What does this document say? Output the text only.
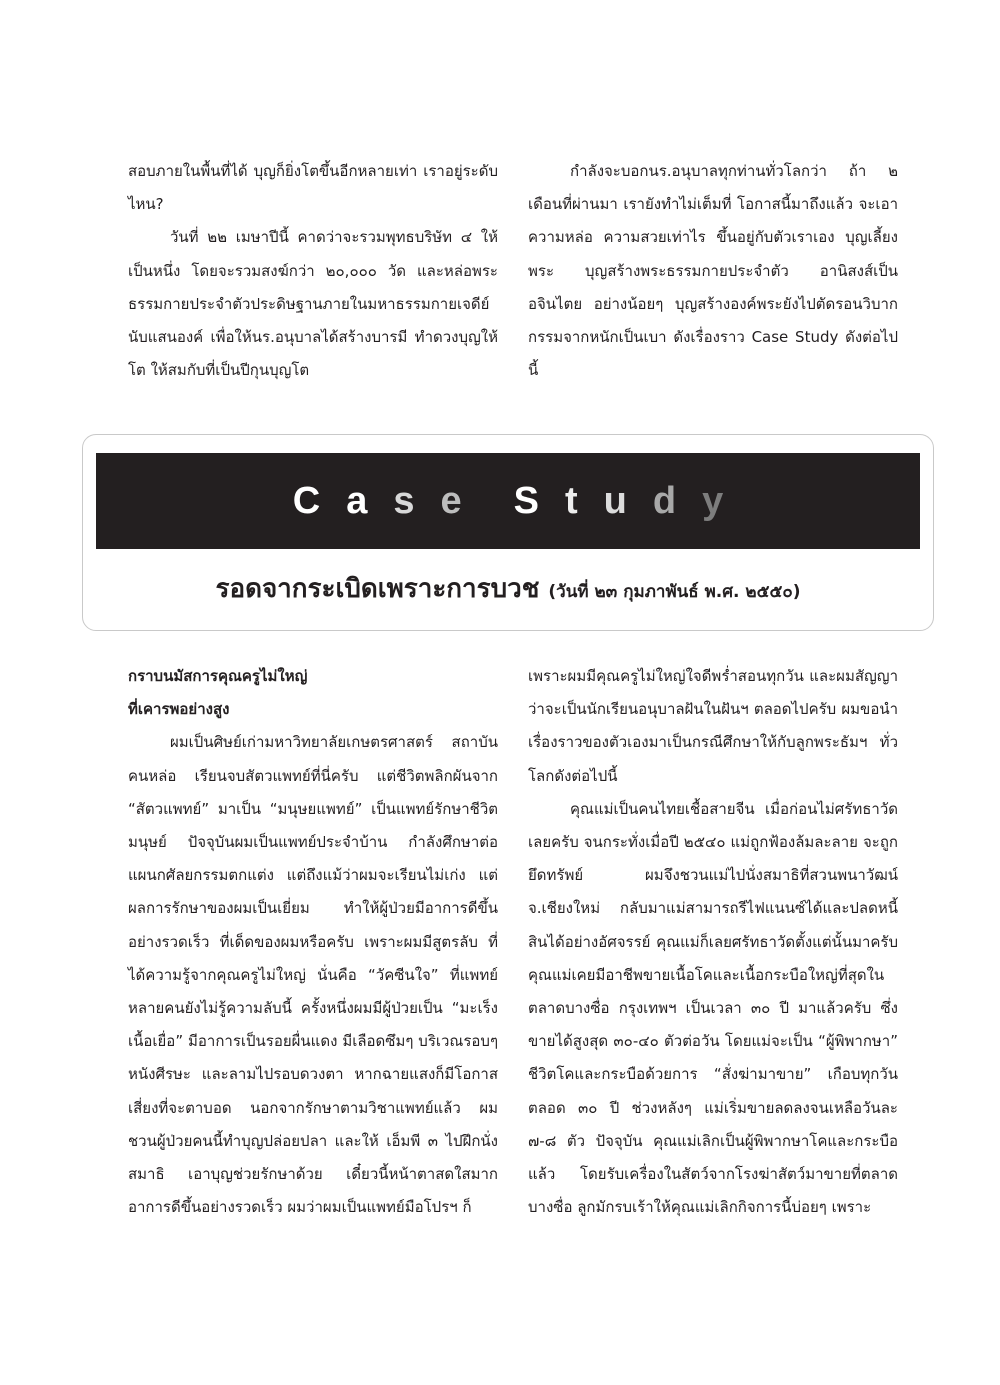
สอบภายในพื้นที่ได้ บุญก็ยิ่งโตขึ้นอีกหลายเท่า เราอยู่ระดับไหน?

วันที่ ๒๒ เมษาปีนี้ คาดว่าจะรวมพุทธบริษัท ๔ ให้เป็นหนึ่ง โดยจะรวมสงฆ์กว่า ๒๐,๐๐๐ วัด และหล่อพระธรรมกายประจำตัวประดิษฐานภายในมหาธรรมกายเจดีย์นับแสนองค์ เพื่อให้นร.อนุบาลได้สร้างบารมี ทำดวงบุญให้โต ให้สมกับที่เป็นปีกุนบุญโต

กำลังจะบอกนร.อนุบาลทุกท่านทั่วโลกว่า ถ้า ๒ เดือนที่ผ่านมา เรายังทำไม่เต็มที่ โอกาสนี้มาถึงแล้ว จะเอาความหล่อ ความสวยเท่าไร ขึ้นอยู่กับตัวเราเอง บุญเลี้ยงพระ บุญสร้างพระธรรมกายประจำตัว อานิสงส์เป็นอจินไตย อย่างน้อยๆ บุญสร้างองค์พระยังไปตัดรอนวิบากกรรมจากหนักเป็นเบา ดังเรื่องราว Case Study ดังต่อไปนี้

C a s e S t u d y
รอดจากระเบิดเพราะการบวช (วันที่ ๒๓ กุมภาพันธ์ พ.ศ. ๒๕๕๐)
กราบนมัสการคุณครูไม่ใหญ่
ที่เคารพอย่างสูง

ผมเป็นศิษย์เก่ามหาวิทยาลัยเกษตรศาสตร์ สถาบันคนหล่อ เรียนจบสัตวแพทย์ที่นี่ครับ แต่ชีวิตพลิกผันจาก “สัตวแพทย์” มาเป็น “มนุษยแพทย์” เป็นแพทย์รักษาชีวิตมนุษย์ ปัจจุบันผมเป็นแพทย์ประจำบ้าน กำลังศึกษาต่อแผนกศัลยกรรมตกแต่ง แต่ถึงแม้ว่าผมจะเรียนไม่เก่ง แต่ผลการรักษาของผมเป็นเยี่ยม ทำให้ผู้ป่วยมีอาการดีขึ้นอย่างรวดเร็ว ที่เด็ดของผมหรือครับ เพราะผมมีสูตรลับ ที่ได้ความรู้จากคุณครูไม่ใหญ่ นั่นคือ “วัคซีนใจ” ที่แพทย์หลายคนยังไม่รู้ความลับนี้ ครั้งหนึ่งผมมีผู้ป่วยเป็น “มะเร็งเนื้อเยื่อ” มีอาการเป็นรอยผื่นแดง มีเลือดซึมๆ บริเวณรอบๆ หนังศีรษะ และลามไปรอบดวงตา หากฉายแสงก็มีโอกาสเสี่ยงที่จะตาบอด นอกจากรักษาตามวิชาแพทย์แล้ว ผมชวนผู้ป่วยคนนี้ทำบุญปล่อยปลา และให้ เอ็มพี ๓ ไปฝึกนั่งสมาธิ เอาบุญช่วยรักษาด้วย เดี๋ยวนี้หน้าตาสดใสมาก อาการดีขึ้นอย่างรวดเร็ว ผมว่าผมเป็นแพทย์มือโปรฯ ก็

เพราะผมมีคุณครูไม่ใหญ่ใจดีพร่ำสอนทุกวัน และผมสัญญาว่าจะเป็นนักเรียนอนุบาลฝันในฝันฯ ตลอดไปครับ ผมขอนำเรื่องราวของตัวเองมาเป็นกรณีศึกษาให้กับลูกพระธัมฯ ทั่วโลกดังต่อไปนี้

คุณแม่เป็นคนไทยเชื้อสายจีน เมื่อก่อนไม่ศรัทธาวัดเลยครับ จนกระทั่งเมื่อปี ๒๕๔๐ แม่ถูกฟ้องล้มละลาย จะถูกยึดทรัพย์ ผมจึงชวนแม่ไปนั่งสมาธิที่สวนพนาวัฒน์ จ.เชียงใหม่ กลับมาแม่สามารถรีไฟแนนซ์ได้และปลดหนี้สินได้อย่างอัศจรรย์ คุณแม่ก็เลยศรัทธาวัดตั้งแต่นั้นมาครับ คุณแม่เคยมีอาชีพขายเนื้อโคและเนื้อกระบือใหญ่ที่สุดในตลาดบางซื่อ กรุงเทพฯ เป็นเวลา ๓๐ ปี มาแล้วครับ ซึ่งขายได้สูงสุด ๓๐-๔๐ ตัวต่อวัน โดยแม่จะเป็น “ผู้พิพากษา” ชีวิตโคและกระบือด้วยการ “สั่งฆ่ามาขาย” เกือบทุกวันตลอด ๓๐ ปี ช่วงหลังๆ แม่เริ่มขายลดลงจนเหลือวันละ ๗-๘ ตัว ปัจจุบัน คุณแม่เลิกเป็นผู้พิพากษาโคและกระบือแล้ว โดยรับเครื่องในสัตว์จากโรงฆ่าสัตว์มาขายที่ตลาดบางซื่อ ลูกมักรบเร้าให้คุณแม่เลิกกิจการนี้บ่อยๆ เพราะ
